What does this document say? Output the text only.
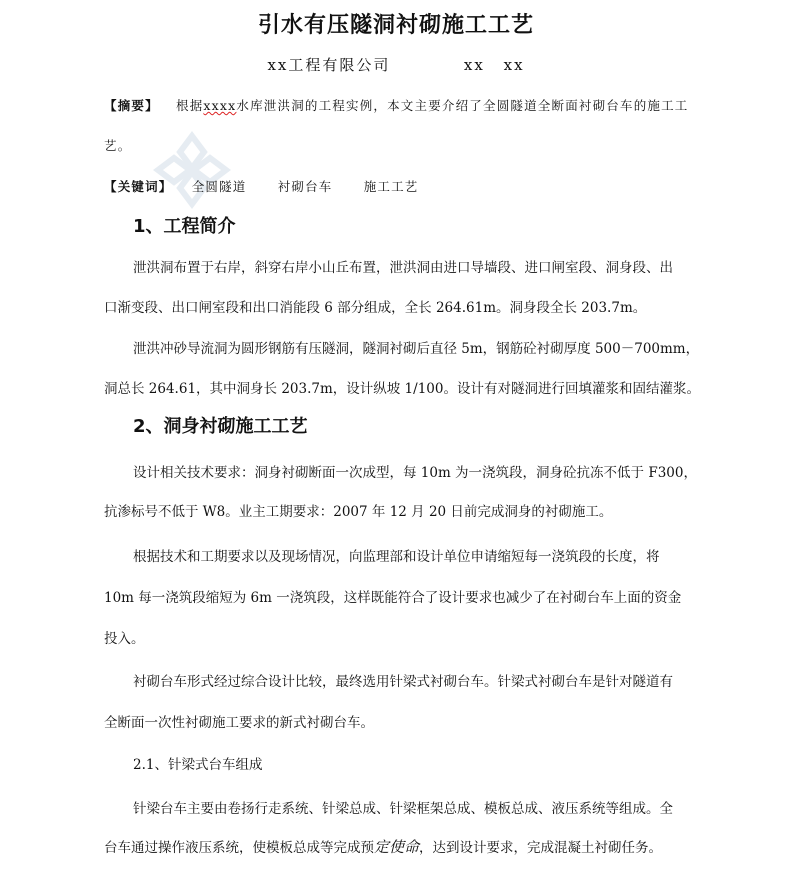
引水有压隧洞衬砌施工工艺
xx工程有限公司	xx xx
【摘要】 根据xxxx水库泄洪洞的工程实例，本文主要介绍了全圆隧道全断面衬砌台车的施工工
艺。
【关键词】 全圆隧道 衬砌台车 施工工艺
1、工程简介
泄洪洞布置于右岸，斜穿右岸小山丘布置，泄洪洞由进口导墙段、进口闸室段、洞身段、出
口渐变段、出口闸室段和出口消能段 6 部分组成，全长 264.61m。洞身段全长 203.7m。
泄洪冲砂导流洞为圆形钢筋有压隧洞，隧洞衬砌后直径 5m，钢筋砼衬砌厚度 500－700mm，
洞总长 264.61，其中洞身长 203.7m，设计纵坡 1/100。设计有对隧洞进行回填灌浆和固结灌浆。
2、洞身衬砌施工工艺
设计相关技术要求：洞身衬砌断面一次成型，每 10m 为一浇筑段，洞身砼抗冻不低于 F300，
抗渗标号不低于 W8。业主工期要求：2007 年 12 月 20 日前完成洞身的衬砌施工。
根据技术和工期要求以及现场情况，向监理部和设计单位申请缩短每一浇筑段的长度，将
10m 每一浇筑段缩短为 6m 一浇筑段，这样既能符合了设计要求也减少了在衬砌台车上面的资金
投入。
衬砌台车形式经过综合设计比较，最终选用针梁式衬砌台车。针梁式衬砌台车是针对隧道有
全断面一次性衬砌施工要求的新式衬砌台车。
2.1、针梁式台车组成
针梁台车主要由卷扬行走系统、针梁总成、针梁框架总成、模板总成、液压系统等组成。全
台车通过操作液压系统，使模板总成等完成预定使命，达到设计要求，完成混凝土衬砌任务。
